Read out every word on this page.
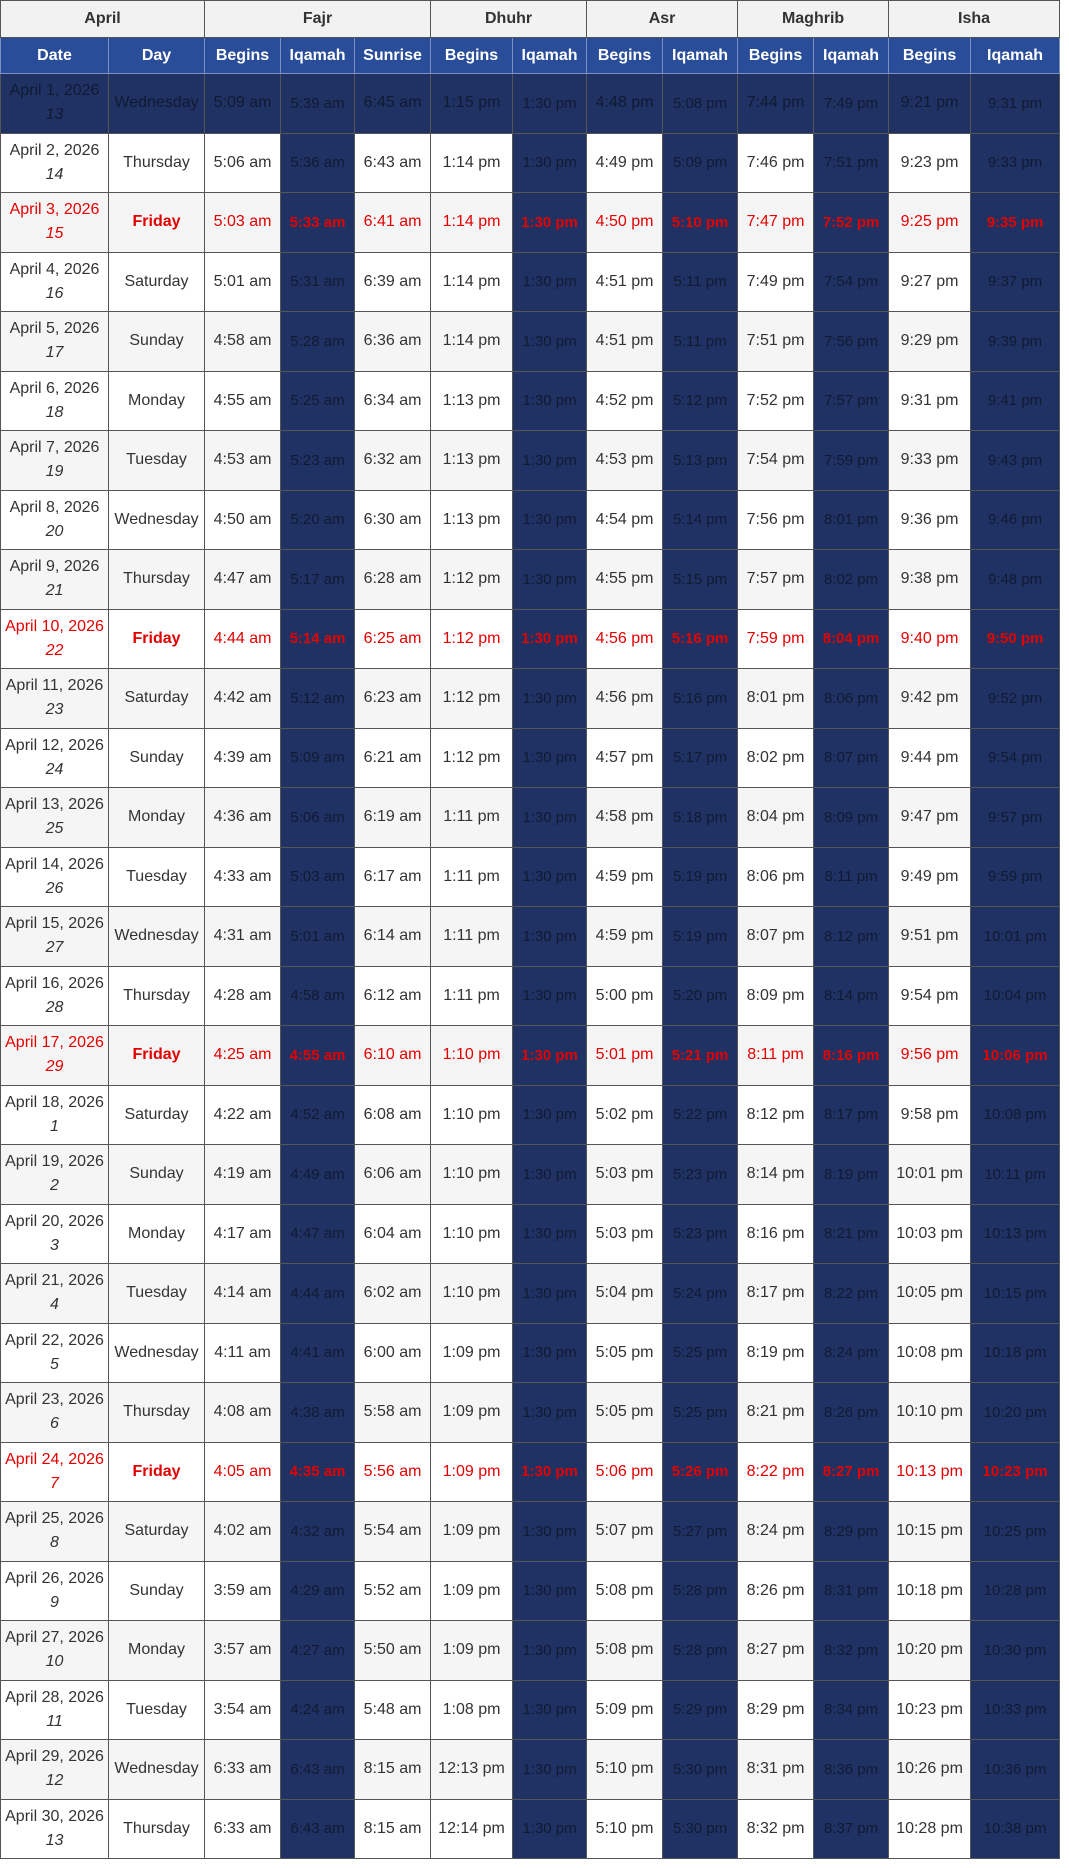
April		Fajr			Dhuhr		Asr		Maghrib		Isha	
Date	Day	Begins	Iqamah	Sunrise	Begins	Iqamah	Begins	Iqamah	Begins	Iqamah	Begins	Iqamah

April 1, 2026
13	Wednesday	5:09 am	5:39 am	6:45 am	1:15 pm	1:30 pm	4:48 pm	5:08 pm	7:44 pm	7:49 pm	9:21 pm	9:31 pm

April 2, 2026
14	Thursday	5:06 am	5:36 am	6:43 am	1:14 pm	1:30 pm	4:49 pm	5:09 pm	7:46 pm	7:51 pm	9:23 pm	9:33 pm

April 3, 2026
15	Friday	5:03 am	5:33 am	6:41 am	1:14 pm	1:30 pm	4:50 pm	5:10 pm	7:47 pm	7:52 pm	9:25 pm	9:35 pm

April 4, 2026
16	Saturday	5:01 am	5:31 am	6:39 am	1:14 pm	1:30 pm	4:51 pm	5:11 pm	7:49 pm	7:54 pm	9:27 pm	9:37 pm

April 5, 2026
17	Sunday	4:58 am	5:28 am	6:36 am	1:14 pm	1:30 pm	4:51 pm	5:11 pm	7:51 pm	7:56 pm	9:29 pm	9:39 pm

April 6, 2026
18	Monday	4:55 am	5:25 am	6:34 am	1:13 pm	1:30 pm	4:52 pm	5:12 pm	7:52 pm	7:57 pm	9:31 pm	9:41 pm

April 7, 2026
19	Tuesday	4:53 am	5:23 am	6:32 am	1:13 pm	1:30 pm	4:53 pm	5:13 pm	7:54 pm	7:59 pm	9:33 pm	9:43 pm

April 8, 2026
20	Wednesday	4:50 am	5:20 am	6:30 am	1:13 pm	1:30 pm	4:54 pm	5:14 pm	7:56 pm	8:01 pm	9:36 pm	9:46 pm

April 9, 2026
21	Thursday	4:47 am	5:17 am	6:28 am	1:12 pm	1:30 pm	4:55 pm	5:15 pm	7:57 pm	8:02 pm	9:38 pm	9:48 pm

April 10, 2026
22	Friday	4:44 am	5:14 am	6:25 am	1:12 pm	1:30 pm	4:56 pm	5:16 pm	7:59 pm	8:04 pm	9:40 pm	9:50 pm

April 11, 2026
23	Saturday	4:42 am	5:12 am	6:23 am	1:12 pm	1:30 pm	4:56 pm	5:16 pm	8:01 pm	8:06 pm	9:42 pm	9:52 pm

April 12, 2026
24	Sunday	4:39 am	5:09 am	6:21 am	1:12 pm	1:30 pm	4:57 pm	5:17 pm	8:02 pm	8:07 pm	9:44 pm	9:54 pm

April 13, 2026
25	Monday	4:36 am	5:06 am	6:19 am	1:11 pm	1:30 pm	4:58 pm	5:18 pm	8:04 pm	8:09 pm	9:47 pm	9:57 pm

April 14, 2026
26	Tuesday	4:33 am	5:03 am	6:17 am	1:11 pm	1:30 pm	4:59 pm	5:19 pm	8:06 pm	8:11 pm	9:49 pm	9:59 pm

April 15, 2026
27	Wednesday	4:31 am	5:01 am	6:14 am	1:11 pm	1:30 pm	4:59 pm	5:19 pm	8:07 pm	8:12 pm	9:51 pm	10:01 pm

April 16, 2026
28	Thursday	4:28 am	4:58 am	6:12 am	1:11 pm	1:30 pm	5:00 pm	5:20 pm	8:09 pm	8:14 pm	9:54 pm	10:04 pm

April 17, 2026
29	Friday	4:25 am	4:55 am	6:10 am	1:10 pm	1:30 pm	5:01 pm	5:21 pm	8:11 pm	8:16 pm	9:56 pm	10:06 pm

April 18, 2026
1	Saturday	4:22 am	4:52 am	6:08 am	1:10 pm	1:30 pm	5:02 pm	5:22 pm	8:12 pm	8:17 pm	9:58 pm	10:08 pm

April 19, 2026
2	Sunday	4:19 am	4:49 am	6:06 am	1:10 pm	1:30 pm	5:03 pm	5:23 pm	8:14 pm	8:19 pm	10:01 pm	10:11 pm

April 20, 2026
3	Monday	4:17 am	4:47 am	6:04 am	1:10 pm	1:30 pm	5:03 pm	5:23 pm	8:16 pm	8:21 pm	10:03 pm	10:13 pm

April 21, 2026
4	Tuesday	4:14 am	4:44 am	6:02 am	1:10 pm	1:30 pm	5:04 pm	5:24 pm	8:17 pm	8:22 pm	10:05 pm	10:15 pm

April 22, 2026
5	Wednesday	4:11 am	4:41 am	6:00 am	1:09 pm	1:30 pm	5:05 pm	5:25 pm	8:19 pm	8:24 pm	10:08 pm	10:18 pm

April 23, 2026
6	Thursday	4:08 am	4:38 am	5:58 am	1:09 pm	1:30 pm	5:05 pm	5:25 pm	8:21 pm	8:26 pm	10:10 pm	10:20 pm

April 24, 2026
7	Friday	4:05 am	4:35 am	5:56 am	1:09 pm	1:30 pm	5:06 pm	5:26 pm	8:22 pm	8:27 pm	10:13 pm	10:23 pm

April 25, 2026
8	Saturday	4:02 am	4:32 am	5:54 am	1:09 pm	1:30 pm	5:07 pm	5:27 pm	8:24 pm	8:29 pm	10:15 pm	10:25 pm

April 26, 2026
9	Sunday	3:59 am	4:29 am	5:52 am	1:09 pm	1:30 pm	5:08 pm	5:28 pm	8:26 pm	8:31 pm	10:18 pm	10:28 pm

April 27, 2026
10	Monday	3:57 am	4:27 am	5:50 am	1:09 pm	1:30 pm	5:08 pm	5:28 pm	8:27 pm	8:32 pm	10:20 pm	10:30 pm

April 28, 2026
11	Tuesday	3:54 am	4:24 am	5:48 am	1:08 pm	1:30 pm	5:09 pm	5:29 pm	8:29 pm	8:34 pm	10:23 pm	10:33 pm

April 29, 2026
12	Wednesday	6:33 am	6:43 am	8:15 am	12:13 pm	1:30 pm	5:10 pm	5:30 pm	8:31 pm	8:36 pm	10:26 pm	10:36 pm

April 30, 2026
13	Thursday	6:33 am	6:43 am	8:15 am	12:14 pm	1:30 pm	5:10 pm	5:30 pm	8:32 pm	8:37 pm	10:28 pm	10:38 pm
